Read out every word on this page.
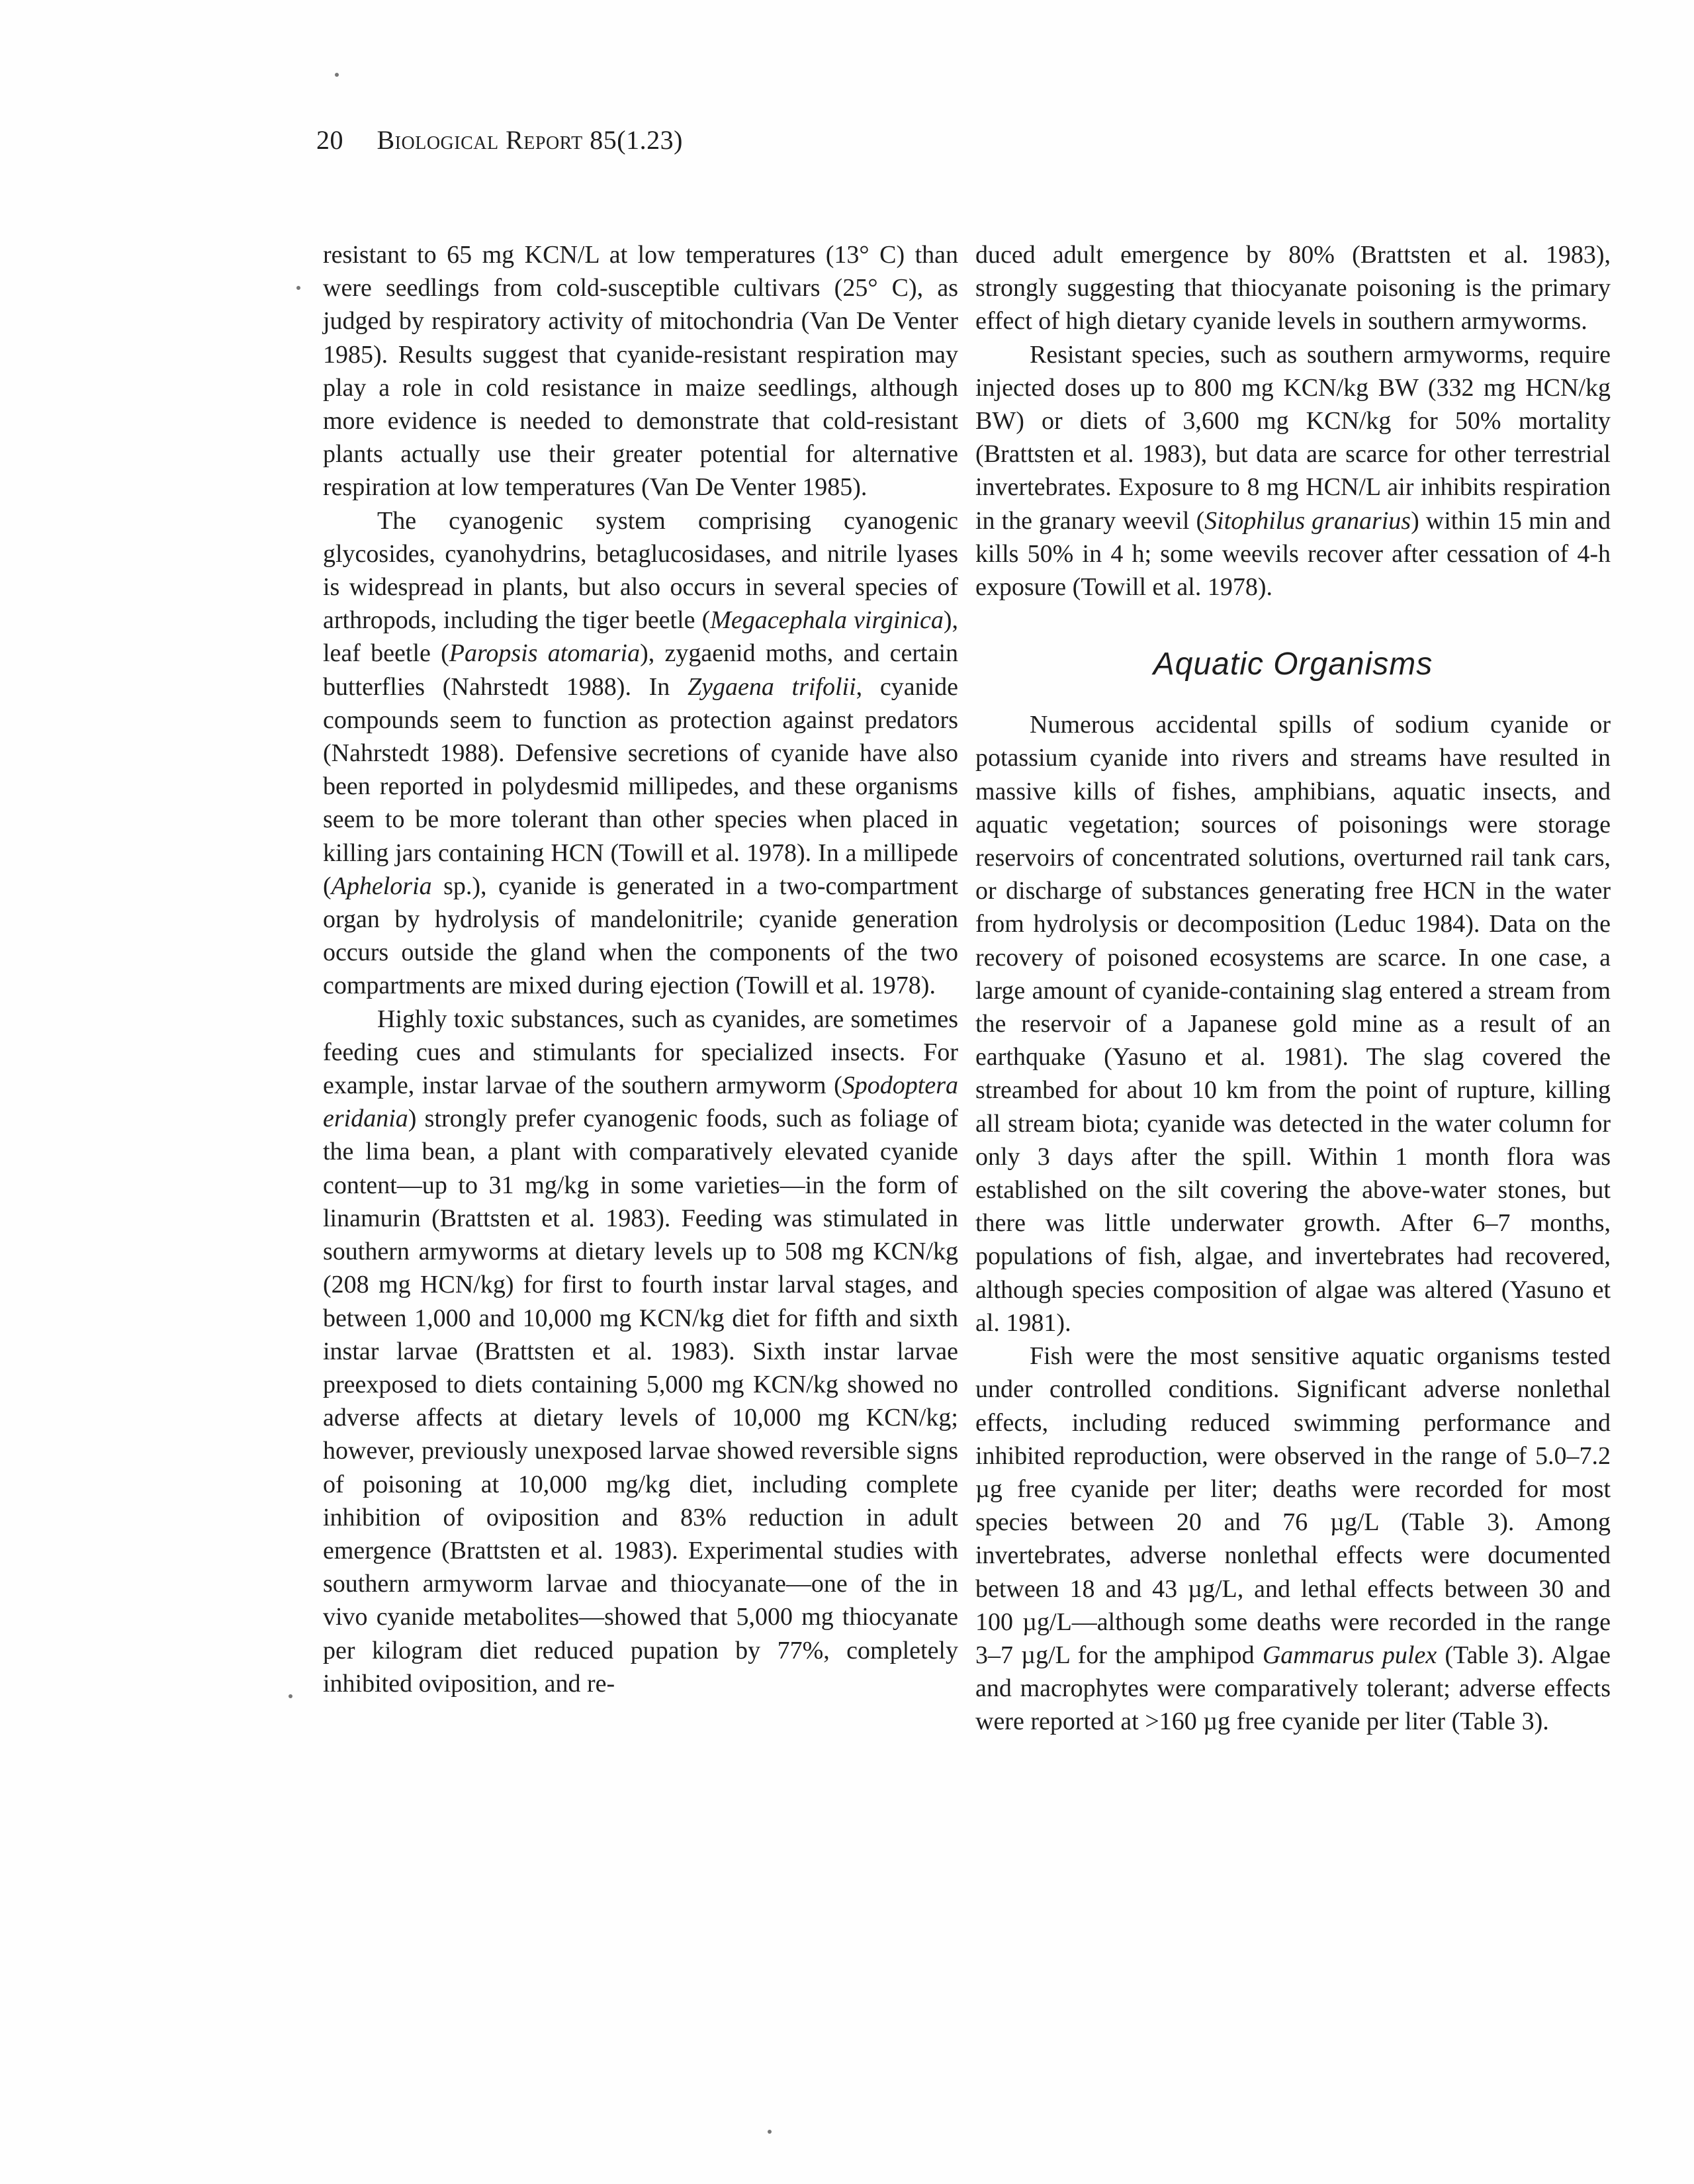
20 Biological Report 85(1.23)

resistant to 65 mg KCN/L at low temperatures (13° C) than were seedlings from cold-susceptible cultivars (25° C), as judged by respiratory activity of mitochondria (Van De Venter 1985). Results suggest that cyanide-resistant respiration may play a role in cold resistance in maize seedlings, although more evidence is needed to demonstrate that cold-resistant plants actually use their greater potential for alternative respiration at low temperatures (Van De Venter 1985).

The cyanogenic system comprising cyanogenic glycosides, cyanohydrins, betaglucosidases, and nitrile lyases is widespread in plants, but also occurs in several species of arthropods, including the tiger beetle (Megacephala virginica), leaf beetle (Paropsis atomaria), zygaenid moths, and certain butterflies (Nahrstedt 1988). In Zygaena trifolii, cyanide compounds seem to function as protection against predators (Nahrstedt 1988). Defensive secretions of cyanide have also been reported in polydesmid millipedes, and these organisms seem to be more tolerant than other species when placed in killing jars containing HCN (Towill et al. 1978). In a millipede (Apheloria sp.), cyanide is generated in a two-compartment organ by hydrolysis of mandelonitrile; cyanide generation occurs outside the gland when the components of the two compartments are mixed during ejection (Towill et al. 1978).

Highly toxic substances, such as cyanides, are sometimes feeding cues and stimulants for specialized insects. For example, instar larvae of the southern armyworm (Spodoptera eridania) strongly prefer cyanogenic foods, such as foliage of the lima bean, a plant with comparatively elevated cyanide content—up to 31 mg/kg in some varieties—in the form of linamurin (Brattsten et al. 1983). Feeding was stimulated in southern armyworms at dietary levels up to 508 mg KCN/kg (208 mg HCN/kg) for first to fourth instar larval stages, and between 1,000 and 10,000 mg KCN/kg diet for fifth and sixth instar larvae (Brattsten et al. 1983). Sixth instar larvae preexposed to diets containing 5,000 mg KCN/kg showed no adverse affects at dietary levels of 10,000 mg KCN/kg; however, previously unexposed larvae showed reversible signs of poisoning at 10,000 mg/kg diet, including complete inhibition of oviposition and 83% reduction in adult emergence (Brattsten et al. 1983). Experimental studies with southern armyworm larvae and thiocyanate—one of the in vivo cyanide metabolites—showed that 5,000 mg thiocyanate per kilogram diet reduced pupation by 77%, completely inhibited oviposition, and re-

duced adult emergence by 80% (Brattsten et al. 1983), strongly suggesting that thiocyanate poisoning is the primary effect of high dietary cyanide levels in southern armyworms.

Resistant species, such as southern armyworms, require injected doses up to 800 mg KCN/kg BW (332 mg HCN/kg BW) or diets of 3,600 mg KCN/kg for 50% mortality (Brattsten et al. 1983), but data are scarce for other terrestrial invertebrates. Exposure to 8 mg HCN/L air inhibits respiration in the granary weevil (Sitophilus granarius) within 15 min and kills 50% in 4 h; some weevils recover after cessation of 4-h exposure (Towill et al. 1978).

Aquatic Organisms

Numerous accidental spills of sodium cyanide or potassium cyanide into rivers and streams have resulted in massive kills of fishes, amphibians, aquatic insects, and aquatic vegetation; sources of poisonings were storage reservoirs of concentrated solutions, overturned rail tank cars, or discharge of substances generating free HCN in the water from hydrolysis or decomposition (Leduc 1984). Data on the recovery of poisoned ecosystems are scarce. In one case, a large amount of cyanide-containing slag entered a stream from the reservoir of a Japanese gold mine as a result of an earthquake (Yasuno et al. 1981). The slag covered the streambed for about 10 km from the point of rupture, killing all stream biota; cyanide was detected in the water column for only 3 days after the spill. Within 1 month flora was established on the silt covering the above-water stones, but there was little underwater growth. After 6–7 months, populations of fish, algae, and invertebrates had recovered, although species composition of algae was altered (Yasuno et al. 1981).

Fish were the most sensitive aquatic organisms tested under controlled conditions. Significant adverse nonlethal effects, including reduced swimming performance and inhibited reproduction, were observed in the range of 5.0–7.2 µg free cyanide per liter; deaths were recorded for most species between 20 and 76 µg/L (Table 3). Among invertebrates, adverse nonlethal effects were documented between 18 and 43 µg/L, and lethal effects between 30 and 100 µg/L—although some deaths were recorded in the range 3–7 µg/L for the amphipod Gammarus pulex (Table 3). Algae and macrophytes were comparatively tolerant; adverse effects were reported at >160 µg free cyanide per liter (Table 3).
